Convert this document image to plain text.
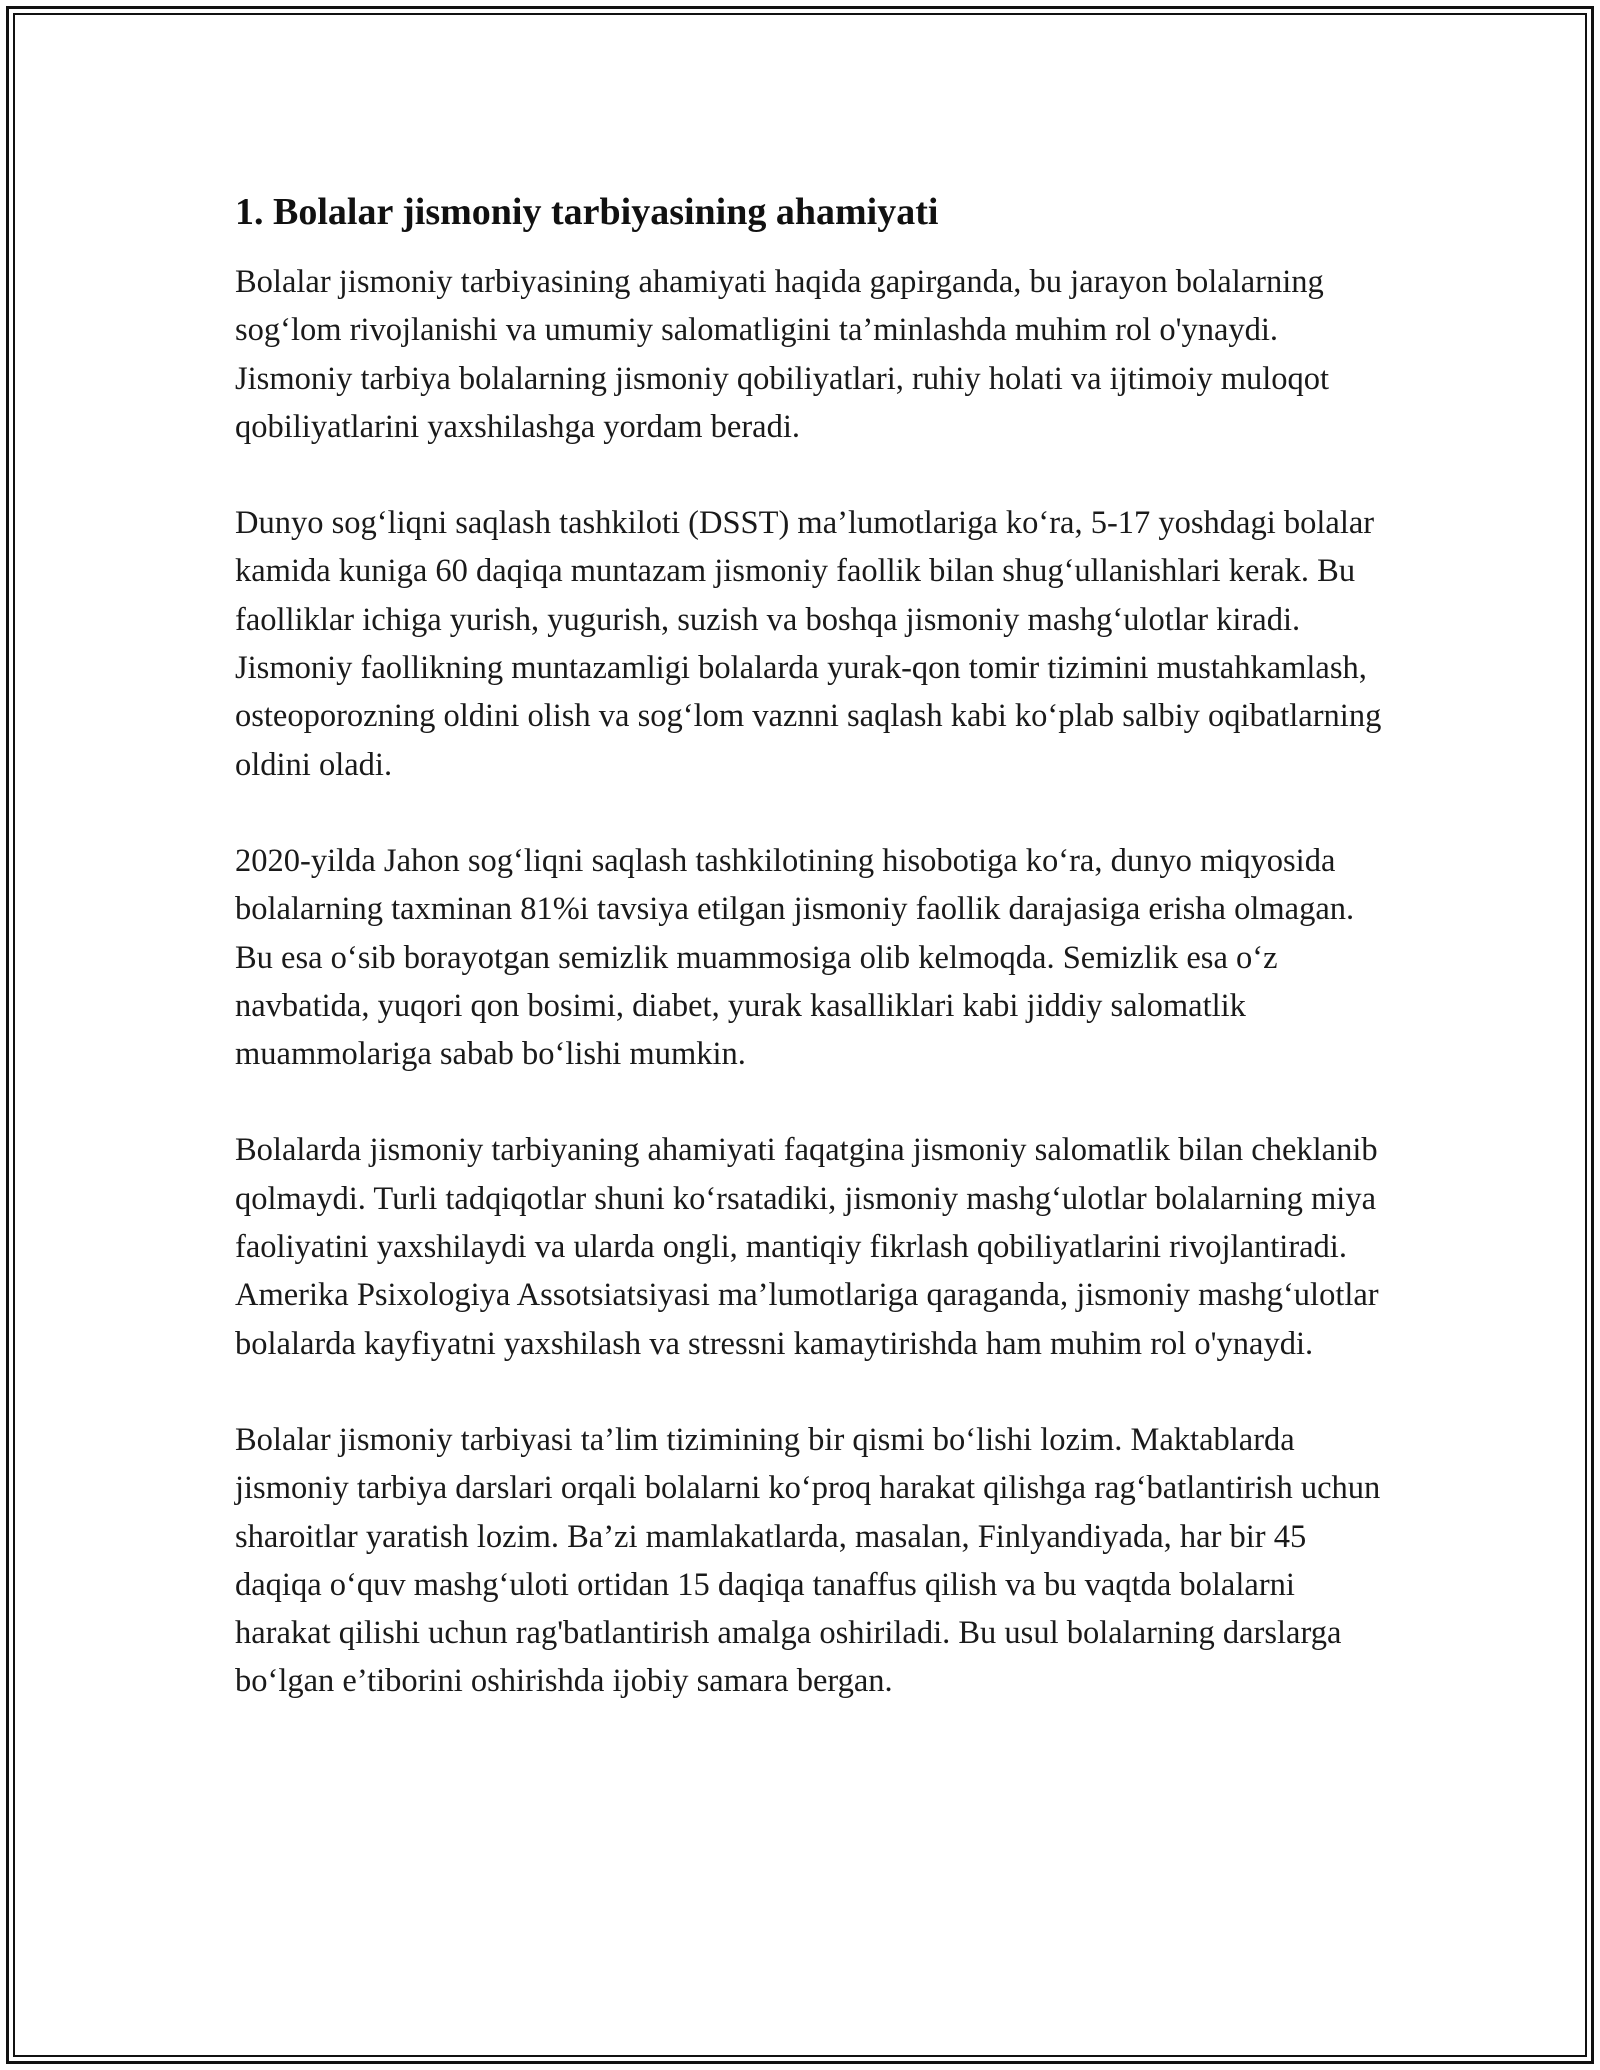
1. Bolalar jismoniy tarbiyasining ahamiyati

Bolalar jismoniy tarbiyasining ahamiyati haqida gapirganda, bu jarayon bolalarning sog‘lom rivojlanishi va umumiy salomatligini ta’minlashda muhim rol o'ynaydi. Jismoniy tarbiya bolalarning jismoniy qobiliyatlari, ruhiy holati va ijtimoiy muloqot qobiliyatlarini yaxshilashga yordam beradi.

Dunyo sog‘liqni saqlash tashkiloti (DSST) ma’lumotlariga ko‘ra, 5-17 yoshdagi bolalar kamida kuniga 60 daqiqa muntazam jismoniy faollik bilan shug‘ullanishlari kerak. Bu faolliklar ichiga yurish, yugurish, suzish va boshqa jismoniy mashg‘ulotlar kiradi. Jismoniy faollikning muntazamligi bolalarda yurak-qon tomir tizimini mustahkamlash, osteoporozning oldini olish va sog‘lom vaznni saqlash kabi ko‘plab salbiy oqibatlarning oldini oladi.

2020-yilda Jahon sog‘liqni saqlash tashkilotining hisobotiga ko‘ra, dunyo miqyosida bolalarning taxminan 81%i tavsiya etilgan jismoniy faollik darajasiga erisha olmagan. Bu esa o‘sib borayotgan semizlik muammosiga olib kelmoqda. Semizlik esa o‘z navbatida, yuqori qon bosimi, diabet, yurak kasalliklari kabi jiddiy salomatlik muammolariga sabab bo‘lishi mumkin.

Bolalarda jismoniy tarbiyaning ahamiyati faqatgina jismoniy salomatlik bilan cheklanib qolmaydi. Turli tadqiqotlar shuni ko‘rsatadiki, jismoniy mashg‘ulotlar bolalarning miya faoliyatini yaxshilaydi va ularda ongli, mantiqiy fikrlash qobiliyatlarini rivojlantiradi. Amerika Psixologiya Assotsiatsiyasi ma’lumotlariga qaraganda, jismoniy mashg‘ulotlar bolalarda kayfiyatni yaxshilash va stressni kamaytirishda ham muhim rol o'ynaydi.

Bolalar jismoniy tarbiyasi ta’lim tizimining bir qismi bo‘lishi lozim. Maktablarda jismoniy tarbiya darslari orqali bolalarni ko‘proq harakat qilishga rag‘batlantirish uchun sharoitlar yaratish lozim. Ba’zi mamlakatlarda, masalan, Finlyandiyada, har bir 45 daqiqa o‘quv mashg‘uloti ortidan 15 daqiqa tanaffus qilish va bu vaqtda bolalarni harakat qilishi uchun rag'batlantirish amalga oshiriladi. Bu usul bolalarning darslarga bo‘lgan e’tiborini oshirishda ijobiy samara bergan.
